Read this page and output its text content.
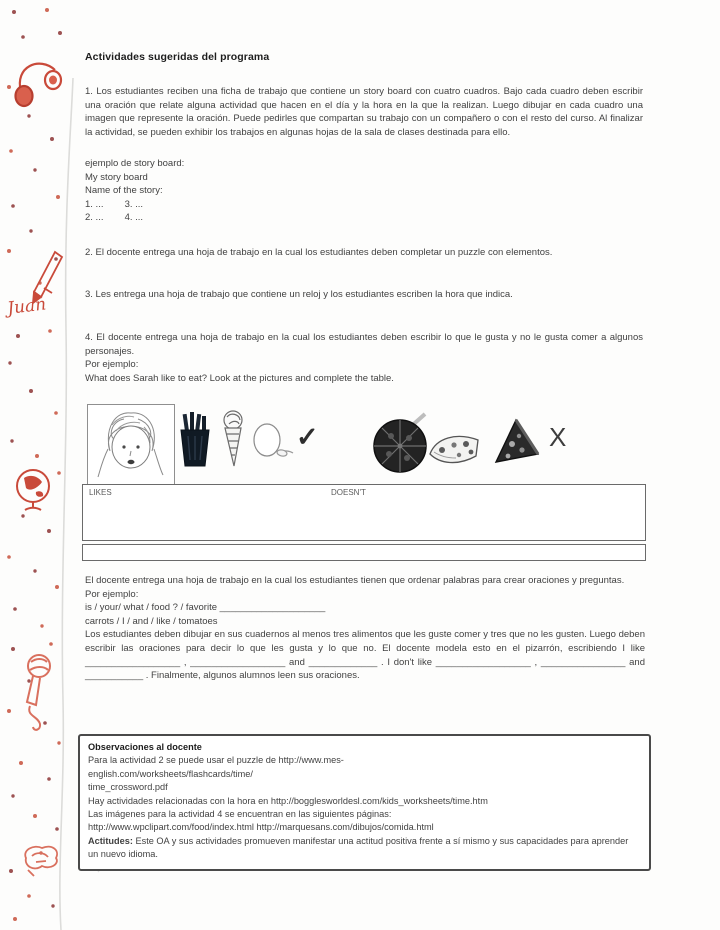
Juan
Actividades sugeridas del programa
1. Los estudiantes reciben una ficha de trabajo que contiene un story board con cuatro cuadros. Bajo cada cuadro deben escribir una oración que relate alguna actividad que hacen en el día y la hora en la que la realizan. Luego dibujar en cada cuadro una imagen que represente la oración. Puede pedirles que compartan su trabajo con un compañero o con el resto del curso. Al finalizar la actividad, se pueden exhibir los trabajos en algunas hojas de la sala de clases destinada para ello.
ejemplo de story board:
My story board
Name of the story:
1. ...        3. ...
2. ...        4. ...
2. El docente entrega una hoja de trabajo en la cual los estudiantes deben completar un puzzle con elementos.
3. Les entrega una hoja de trabajo que contiene un reloj y los estudiantes escriben la hora que indica.
4. El docente entrega una hoja de trabajo en la cual los estudiantes deben escribir lo que le gusta y no le gusta comer a algunos personajes.
Por ejemplo:
What does Sarah like to eat? Look at the pictures and complete the table.
✓	X
LIKES	DOESN'T
El docente entrega una hoja de trabajo en la cual los estudiantes tienen que ordenar palabras para crear oraciones y preguntas.
Por ejemplo:
is / your/ what / food ? / favorite ____________________
carrots / I / and / like / tomatoes
Los estudiantes deben dibujar en sus cuadernos al menos tres alimentos que les guste comer y tres que no les gusten. Luego deben escribir las oraciones para decir lo que les gusta y lo que no. El docente modela esto en el pizarrón, escribiendo I like __________________ , __________________ and _____________ . I don't like __________________ , ________________ and ___________ . Finalmente, algunos alumnos leen sus oraciones.
Observaciones al docente
Para la actividad 2 se puede usar el puzzle de http://www.mes-
english.com/worksheets/flashcards/time/
time_crossword.pdf
Hay actividades relacionadas con la hora en http://bogglesworldesl.com/kids_worksheets/time.htm
Las imágenes para la actividad 4 se encuentran en las siguientes páginas:
http://www.wpclipart.com/food/index.html http://marquesans.com/dibujos/comida.html
Actitudes: Este OA y sus actividades promueven manifestar una actitud positiva frente a sí mismo y sus capacidades para aprender un nuevo idioma.
